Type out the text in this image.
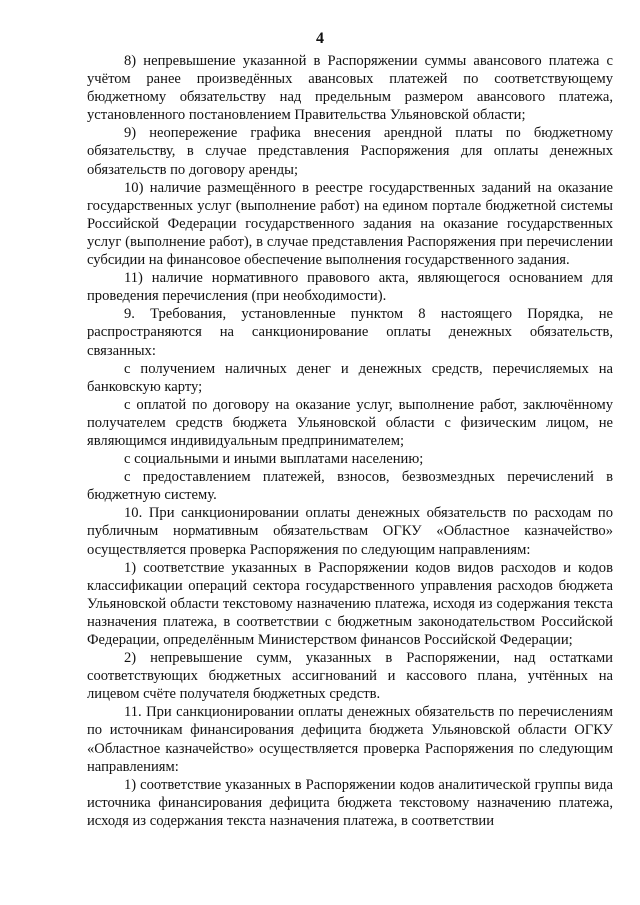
4

8) непревышение указанной в Распоряжении суммы авансового платежа с учётом ранее произведённых авансовых платежей по соответствующему бюджетному обязательству над предельным размером авансового платежа, установленного постановлением Правительства Ульяновской области;

9) неопережение графика внесения арендной платы по бюджетному обязательству, в случае представления Распоряжения для оплаты денежных обязательств по договору аренды;

10) наличие размещённого в реестре государственных заданий на оказание государственных услуг (выполнение работ) на едином портале бюджетной системы Российской Федерации государственного задания на оказание государственных услуг (выполнение работ), в случае представления Распоряжения при перечислении субсидии на финансовое обеспечение выполнения государственного задания.

11) наличие нормативного правового акта, являющегося основанием для проведения перечисления (при необходимости).

9. Требования, установленные пунктом 8 настоящего Порядка, не распространяются на санкционирование оплаты денежных обязательств, связанных:

с получением наличных денег и денежных средств, перечисляемых на банковскую карту;

с оплатой по договору на оказание услуг, выполнение работ, заключённому получателем средств бюджета Ульяновской области с физическим лицом, не являющимся индивидуальным предпринимателем;

с социальными и иными выплатами населению;

с предоставлением платежей, взносов, безвозмездных перечислений в бюджетную систему.

10. При санкционировании оплаты денежных обязательств по расходам по публичным нормативным обязательствам ОГКУ «Областное казначейство» осуществляется проверка Распоряжения по следующим направлениям:

1) соответствие указанных в Распоряжении кодов видов расходов и кодов классификации операций сектора государственного управления расходов бюджета Ульяновской области текстовому назначению платежа, исходя из содержания текста назначения платежа, в соответствии с бюджетным законодательством Российской Федерации, определённым Министерством финансов Российской Федерации;

2) непревышение сумм, указанных в Распоряжении, над остатками соответствующих бюджетных ассигнований и кассового плана, учтённых на лицевом счёте получателя бюджетных средств.

11. При санкционировании оплаты денежных обязательств по перечислениям по источникам финансирования дефицита бюджета Ульяновской области ОГКУ «Областное казначейство» осуществляется проверка Распоряжения по следующим направлениям:

1) соответствие указанных в Распоряжении кодов аналитической группы вида источника финансирования дефицита бюджета текстовому назначению платежа, исходя из содержания текста назначения платежа, в соответствии
